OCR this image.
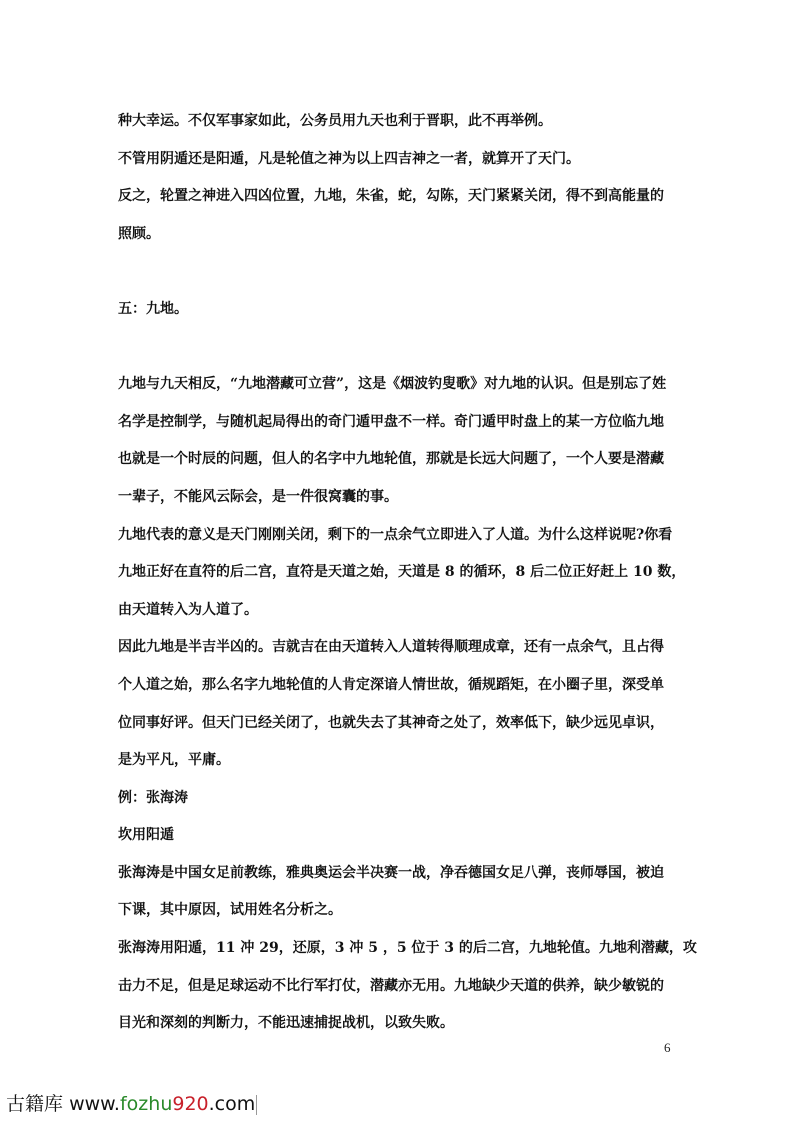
种大幸运。不仅军事家如此，公务员用九天也利于晋职，此不再举例。
不管用阴遁还是阳遁，凡是轮值之神为以上四吉神之一者，就算开了天门。
反之，轮置之神进入四凶位置，九地，朱雀，蛇，勾陈，天门紧紧关闭，得不到高能量的
照顾。
五：九地。
九地与九天相反，“九地潜藏可立营”，这是《烟波钓叟歌》对九地的认识。但是别忘了姓
名学是控制学，与随机起局得出的奇门遁甲盘不一样。奇门遁甲时盘上的某一方位临九地
也就是一个时辰的问题，但人的名字中九地轮值，那就是长远大问题了，一个人要是潜藏
一辈子，不能风云际会，是一件很窝囊的事。
九地代表的意义是天门刚刚关闭，剩下的一点余气立即进入了人道。为什么这样说呢?你看
九地正好在直符的后二宫，直符是天道之始，天道是 8 的循环，8 后二位正好赶上 10 数，
由天道转入为人道了。
因此九地是半吉半凶的。吉就吉在由天道转入人道转得顺理成章，还有一点余气，且占得
个人道之始，那么名字九地轮值的人肯定深谙人情世故，循规蹈矩，在小圈子里，深受单
位同事好评。但天门已经关闭了，也就失去了其神奇之处了，效率低下，缺少远见卓识，
是为平凡，平庸。
例：张海涛
坎用阳遁
张海涛是中国女足前教练，雅典奥运会半决赛一战，净吞德国女足八弹，丧师辱国，被迫
下课，其中原因，试用姓名分析之。
张海涛用阳遁，11 冲 29，还原，3 冲 5 ，5 位于 3 的后二宫，九地轮值。九地利潜藏，攻
击力不足，但是足球运动不比行军打仗，潜藏亦无用。九地缺少天道的供养，缺少敏锐的
目光和深刻的判断力，不能迅速捕捉战机，以致失败。
6
古籍库 www.fozhu920.com
